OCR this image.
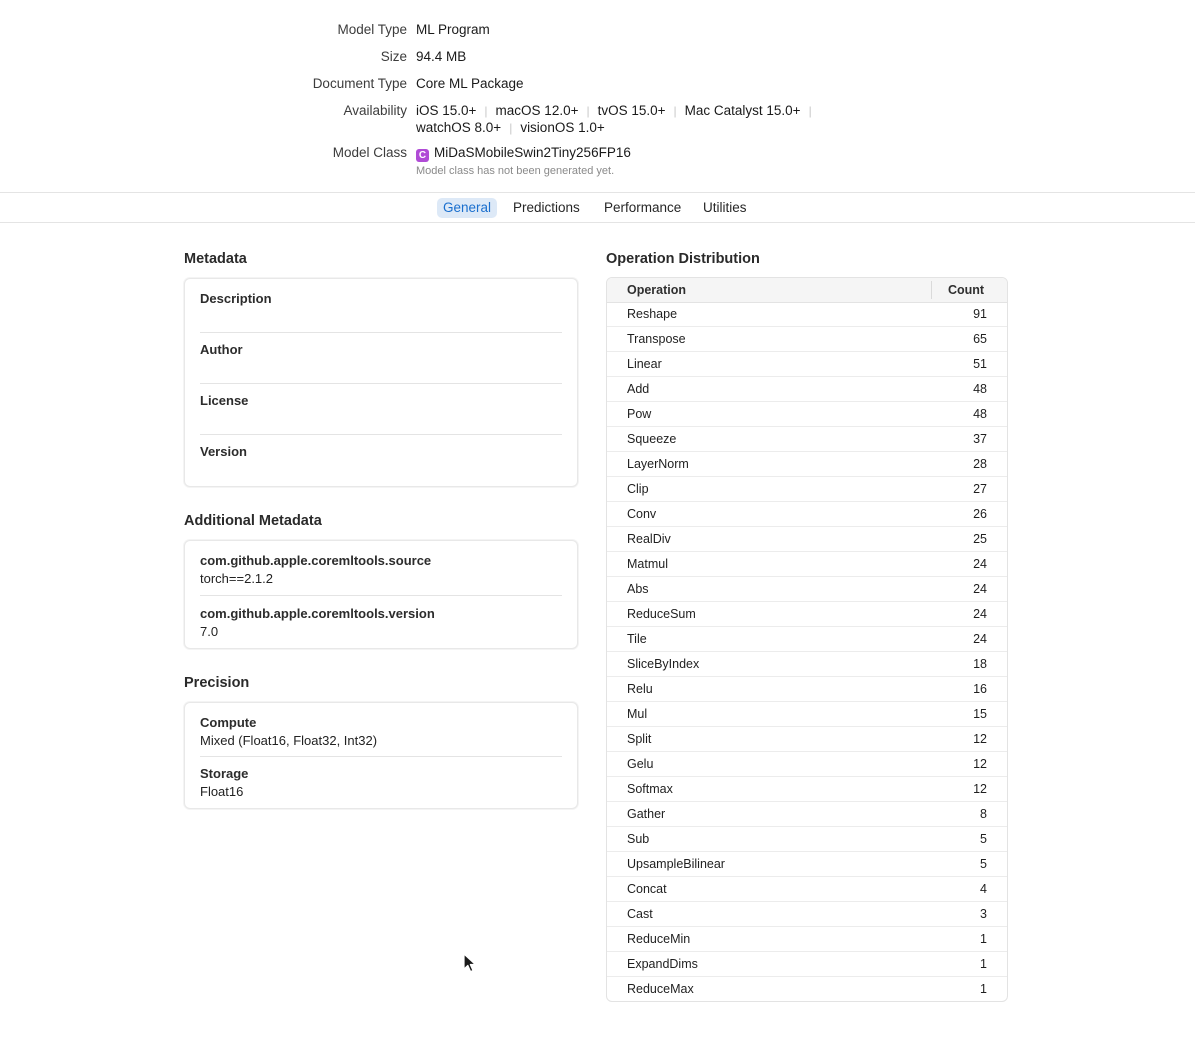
Model Type ML Program
Size 94.4 MB
Document Type Core ML Package
Availability iOS 15.0+ | macOS 12.0+ | tvOS 15.0+ | Mac Catalyst 15.0+ |
watchOS 8.0+ | visionOS 1.0+
Model Class C MiDaSMobileSwin2Tiny256FP16
Model class has not been generated yet.
General	Predictions	Performance	Utilities
Metadata
Description
Author
License
Version
Additional Metadata
com.github.apple.coremltools.source
torch==2.1.2
com.github.apple.coremltools.version
7.0
Precision
Compute
Mixed (Float16, Float32, Int32)
Storage
Float16
Operation Distribution
Operation	Count
Reshape	91
Transpose	65
Linear	51
Add	48
Pow	48
Squeeze	37
LayerNorm	28
Clip	27
Conv	26
RealDiv	25
Matmul	24
Abs	24
ReduceSum	24
Tile	24
SliceByIndex	18
Relu	16
Mul	15
Split	12
Gelu	12
Softmax	12
Gather	8
Sub	5
UpsampleBilinear	5
Concat	4
Cast	3
ReduceMin	1
ExpandDims	1
ReduceMax	1
